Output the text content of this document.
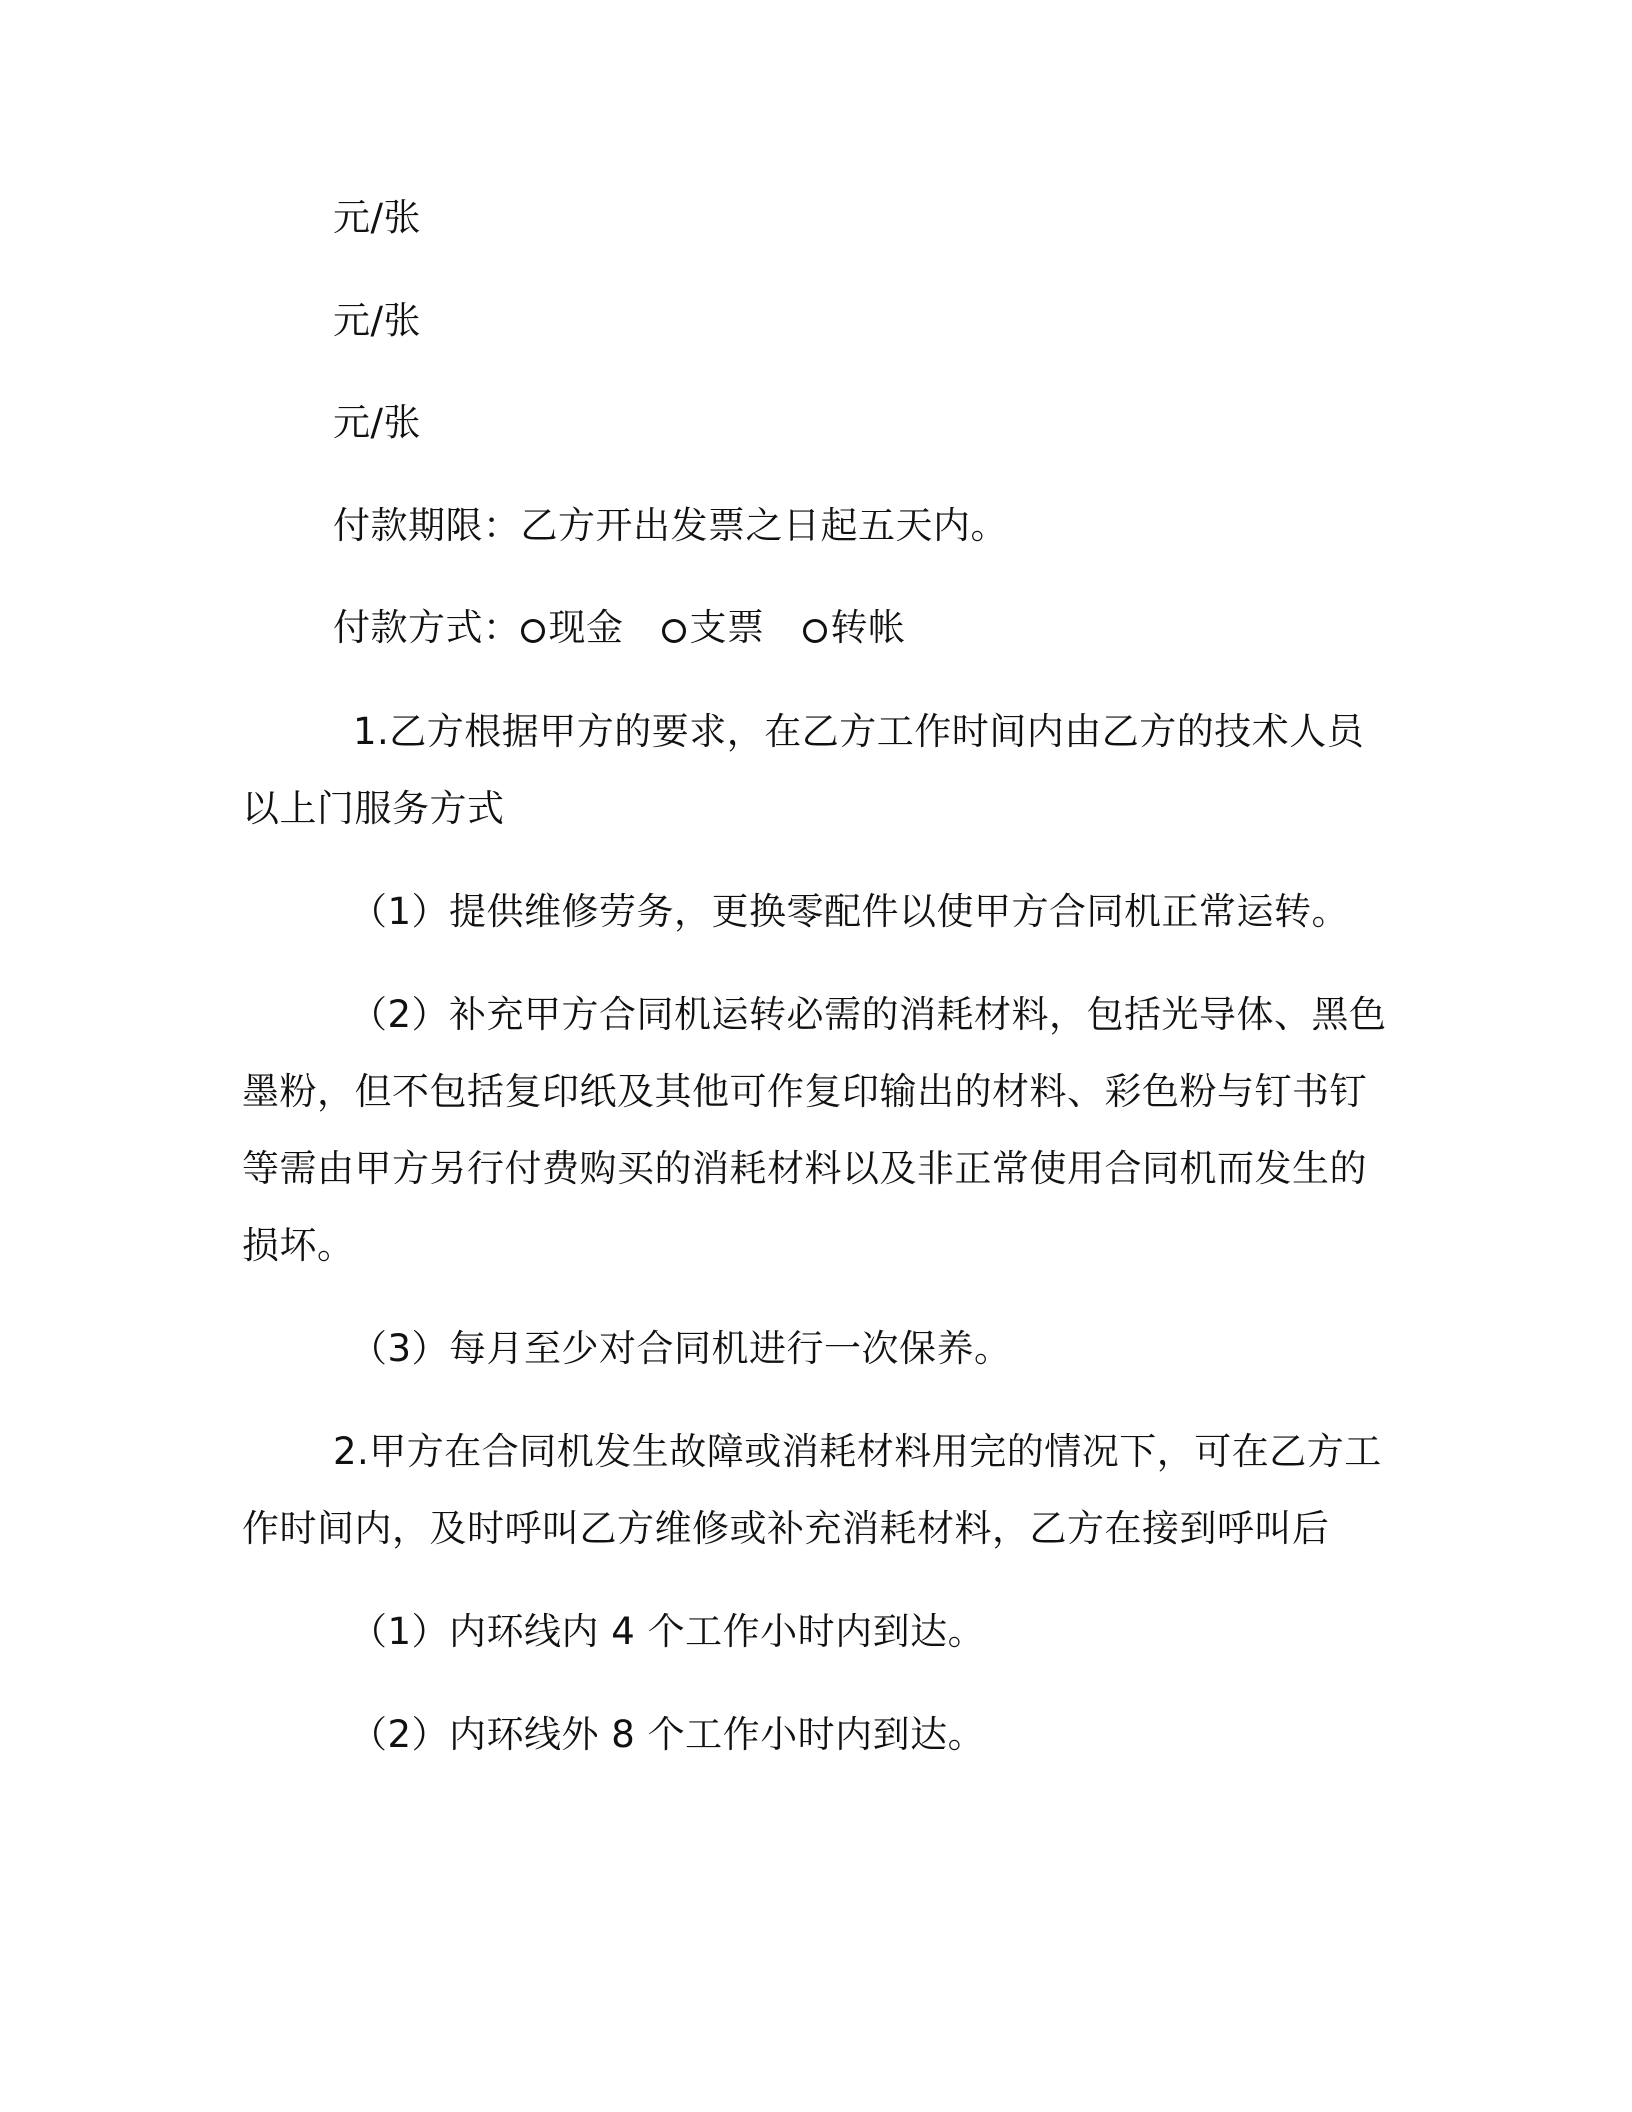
元/张
元/张
元/张
付款期限：乙方开出发票之日起五天内。
付款方式： 现金 支票 转帐
1.乙方根据甲方的要求，在乙方工作时间内由乙方的技术人员
以上门服务方式
（1）提供维修劳务，更换零配件以使甲方合同机正常运转。
（2）补充甲方合同机运转必需的消耗材料，包括光导体、黑色
墨粉，但不包括复印纸及其他可作复印输出的材料、彩色粉与钉书钉
等需由甲方另行付费购买的消耗材料以及非正常使用合同机而发生的
损坏。
（3）每月至少对合同机进行一次保养。
2.甲方在合同机发生故障或消耗材料用完的情况下，可在乙方工
作时间内，及时呼叫乙方维修或补充消耗材料，乙方在接到呼叫后
（1）内环线内 4 个工作小时内到达。
（2）内环线外 8 个工作小时内到达。
